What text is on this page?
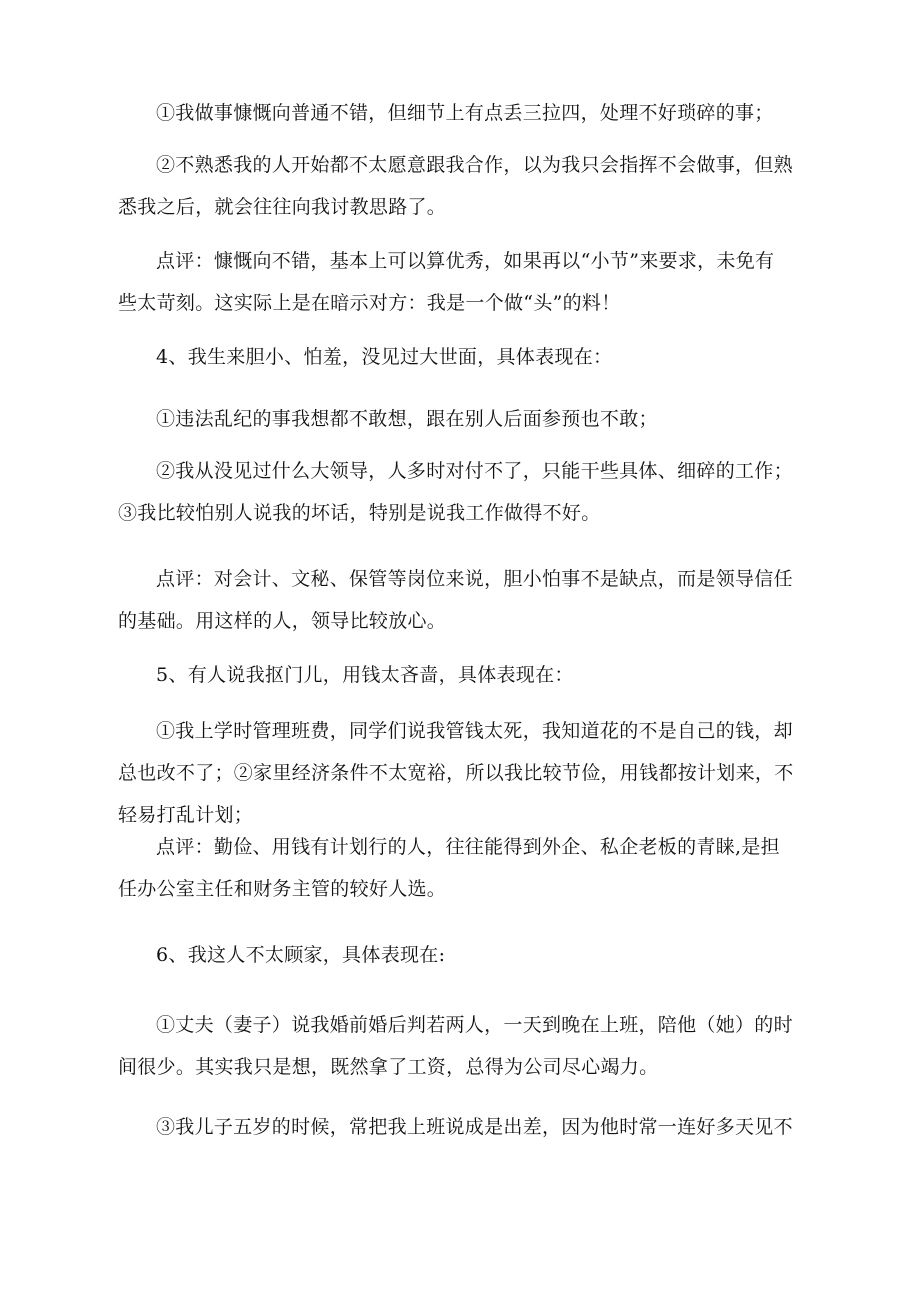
①我做事慷慨向普通不错，但细节上有点丢三拉四，处理不好琐碎的事；

②不熟悉我的人开始都不太愿意跟我合作，以为我只会指挥不会做事，但熟
悉我之后，就会往往向我讨教思路了。

点评：慷慨向不错，基本上可以算优秀，如果再以“小节”来要求，未免有
些太苛刻。这实际上是在暗示对方：我是一个做“头”的料！

4、我生来胆小、怕羞，没见过大世面，具体表现在：

①违法乱纪的事我想都不敢想，跟在别人后面参预也不敢；

②我从没见过什么大领导，人多时对付不了，只能干些具体、细碎的工作；
③我比较怕别人说我的坏话，特别是说我工作做得不好。

点评：对会计、文秘、保管等岗位来说，胆小怕事不是缺点，而是领导信任
的基础。用这样的人，领导比较放心。

5、有人说我抠门儿，用钱太吝啬，具体表现在：

①我上学时管理班费，同学们说我管钱太死，我知道花的不是自己的钱，却
总也改不了；②家里经济条件不太宽裕，所以我比较节俭，用钱都按计划来，不
轻易打乱计划；

点评：勤俭、用钱有计划行的人，往往能得到外企、私企老板的青睐,是担
任办公室主任和财务主管的较好人选。

6、我这人不太顾家，具体表现在:

①丈夫（妻子）说我婚前婚后判若两人，一天到晚在上班，陪他（她）的时
间很少。其实我只是想，既然拿了工资，总得为公司尽心竭力。

③我儿子五岁的时候，常把我上班说成是出差，因为他时常一连好多天见不
